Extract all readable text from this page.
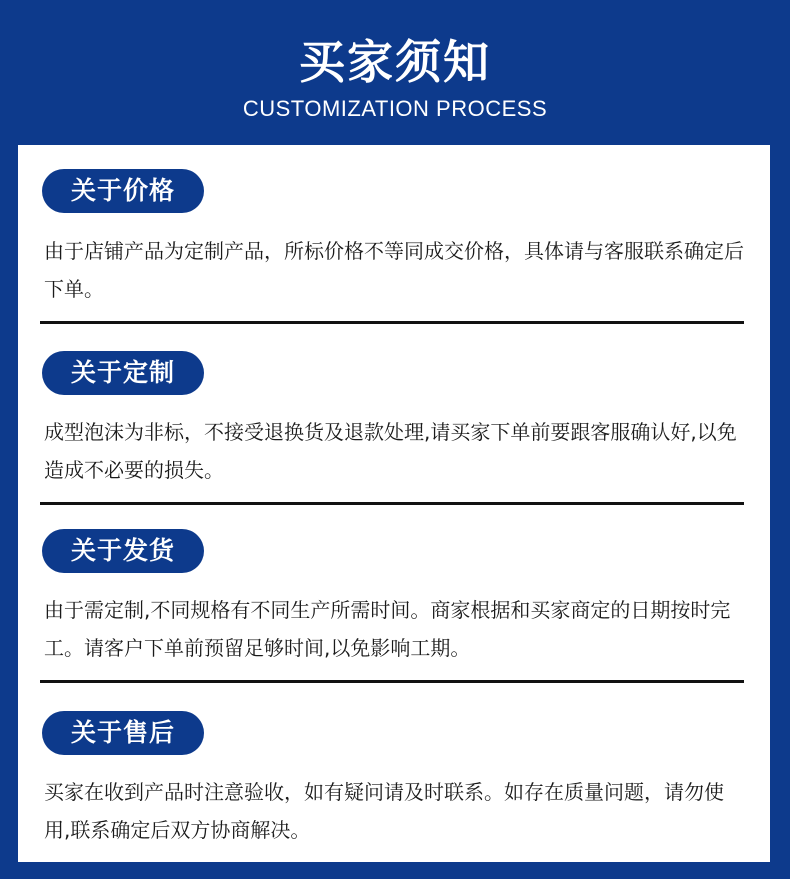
买家须知
CUSTOMIZATION PROCESS
关于价格
由于店铺产品为定制产品，所标价格不等同成交价格，具体请与客服联系确定后下单。
关于定制
成型泡沫为非标，不接受退换货及退款处理,请买家下单前要跟客服确认好,以免造成不必要的损失。
关于发货
由于需定制,不同规格有不同生产所需时间。商家根据和买家商定的日期按时完工。请客户下单前预留足够时间,以免影响工期。
关于售后
买家在收到产品时注意验收，如有疑问请及时联系。如存在质量问题，请勿使用,联系确定后双方协商解决。
